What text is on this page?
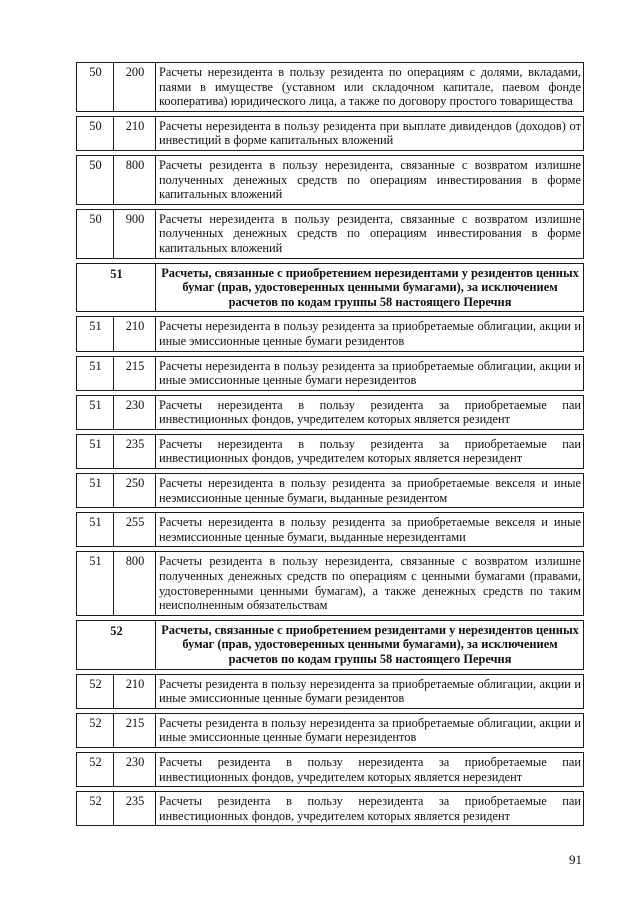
50	200	Расчеты нерезидента в пользу резидента по операциям с долями, вкладами, паями в имуществе (уставном или складочном капитале, паевом фонде кооператива) юридического лица, а также по договору простого товарищества
50	210	Расчеты нерезидента в пользу резидента при выплате дивидендов (доходов) от инвестиций в форме капитальных вложений
50	800	Расчеты резидента в пользу нерезидента, связанные с возвратом излишне полученных денежных средств по операциям инвестирования в форме капитальных вложений
50	900	Расчеты нерезидента в пользу резидента, связанные с возвратом излишне полученных денежных средств по операциям инвестирования в форме капитальных вложений
51		Расчеты, связанные с приобретением нерезидентами у резидентов ценных бумаг (прав, удостоверенных ценными бумагами), за исключением расчетов по кодам группы 58 настоящего Перечня
51	210	Расчеты нерезидента в пользу резидента за приобретаемые облигации, акции и иные эмиссионные ценные бумаги резидентов
51	215	Расчеты нерезидента в пользу резидента за приобретаемые облигации, акции и иные эмиссионные ценные бумаги нерезидентов
51	230	Расчеты нерезидента в пользу резидента за приобретаемые паи инвестиционных фондов, учредителем которых является резидент
51	235	Расчеты нерезидента в пользу резидента за приобретаемые паи инвестиционных фондов, учредителем которых является нерезидент
51	250	Расчеты нерезидента в пользу резидента за приобретаемые векселя и иные неэмиссионные ценные бумаги, выданные резидентом
51	255	Расчеты нерезидента в пользу резидента за приобретаемые векселя и иные неэмиссионные ценные бумаги, выданные нерезидентами
51	800	Расчеты резидента в пользу нерезидента, связанные с возвратом излишне полученных денежных средств по операциям с ценными бумагами (правами, удостоверенными ценными бумагам), а также денежных средств по таким неисполненным обязательствам
52		Расчеты, связанные с приобретением резидентами у нерезидентов ценных бумаг (прав, удостоверенных ценными бумагами), за исключением расчетов по кодам группы 58 настоящего Перечня
52	210	Расчеты резидента в пользу нерезидента за приобретаемые облигации, акции и иные эмиссионные ценные бумаги резидентов
52	215	Расчеты резидента в пользу нерезидента за приобретаемые облигации, акции и иные эмиссионные ценные бумаги нерезидентов
52	230	Расчеты резидента в пользу нерезидента за приобретаемые паи инвестиционных фондов, учредителем которых является нерезидент
52	235	Расчеты резидента в пользу нерезидента за приобретаемые паи инвестиционных фондов, учредителем которых является резидент
91
